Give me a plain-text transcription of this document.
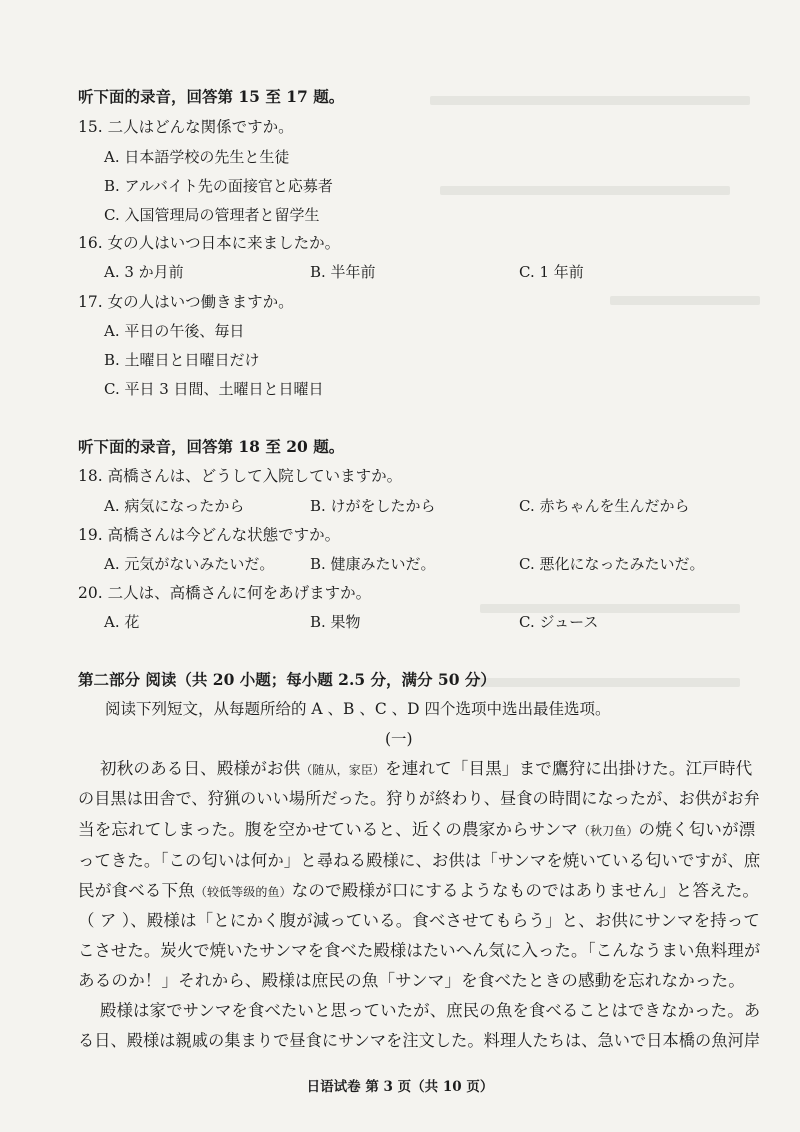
听下面的录音，回答第 15 至 17 题。
15. 二人はどんな関係ですか。
A. 日本語学校の先生と生徒
B. アルバイト先の面接官と応募者
C. 入国管理局の管理者と留学生
16. 女の人はいつ日本に来ましたか。
A. 3 か月前	B. 半年前	C. 1 年前
17. 女の人はいつ働きますか。
A. 平日の午後、毎日
B. 土曜日と日曜日だけ
C. 平日 3 日間、土曜日と日曜日
听下面的录音，回答第 18 至 20 题。
18. 高橋さんは、どうして入院していますか。
A. 病気になったから	B. けがをしたから	C. 赤ちゃんを生んだから
19. 高橋さんは今どんな状態ですか。
A. 元気がないみたいだ。 B. 健康みたいだ。	C. 悪化になったみたいだ。
20. 二人は、高橋さんに何をあげますか。
A. 花	B. 果物	C. ジュース
第二部分 阅读（共 20 小题；每小题 2.5 分，满分 50 分）
阅读下列短文，从每题所给的 A 、B 、C 、D 四个选项中选出最佳选项。
(一)
初秋のある日、殿様がお供（随从，家臣）を連れて「目黒」まで鷹狩に出掛けた。江戸時代
の目黒は田舎で、狩猟のいい場所だった。狩りが終わり、昼食の時間になったが、お供がお弁
当を忘れてしまった。腹を空かせていると、近くの農家からサンマ（秋刀鱼）の焼く匂いが漂
ってきた。「この匂いは何か」と尋ねる殿様に、お供は「サンマを焼いている匂いですが、庶
民が食べる下魚（较低等级的鱼）なので殿様が口にするようなものではありません」と答えた。
（ ア ）、殿様は「とにかく腹が減っている。食べさせてもらう」と、お供にサンマを持って
こさせた。炭火で焼いたサンマを食べた殿様はたいへん気に入った。「こんなうまい魚料理が
あるのか！」それから、殿様は庶民の魚「サンマ」を食べたときの感動を忘れなかった。
殿様は家でサンマを食べたいと思っていたが、庶民の魚を食べることはできなかった。あ
る日、殿様は親戚の集まりで昼食にサンマを注文した。料理人たちは、急いで日本橋の魚河岸
日语试卷 第 3 页（共 10 页）
